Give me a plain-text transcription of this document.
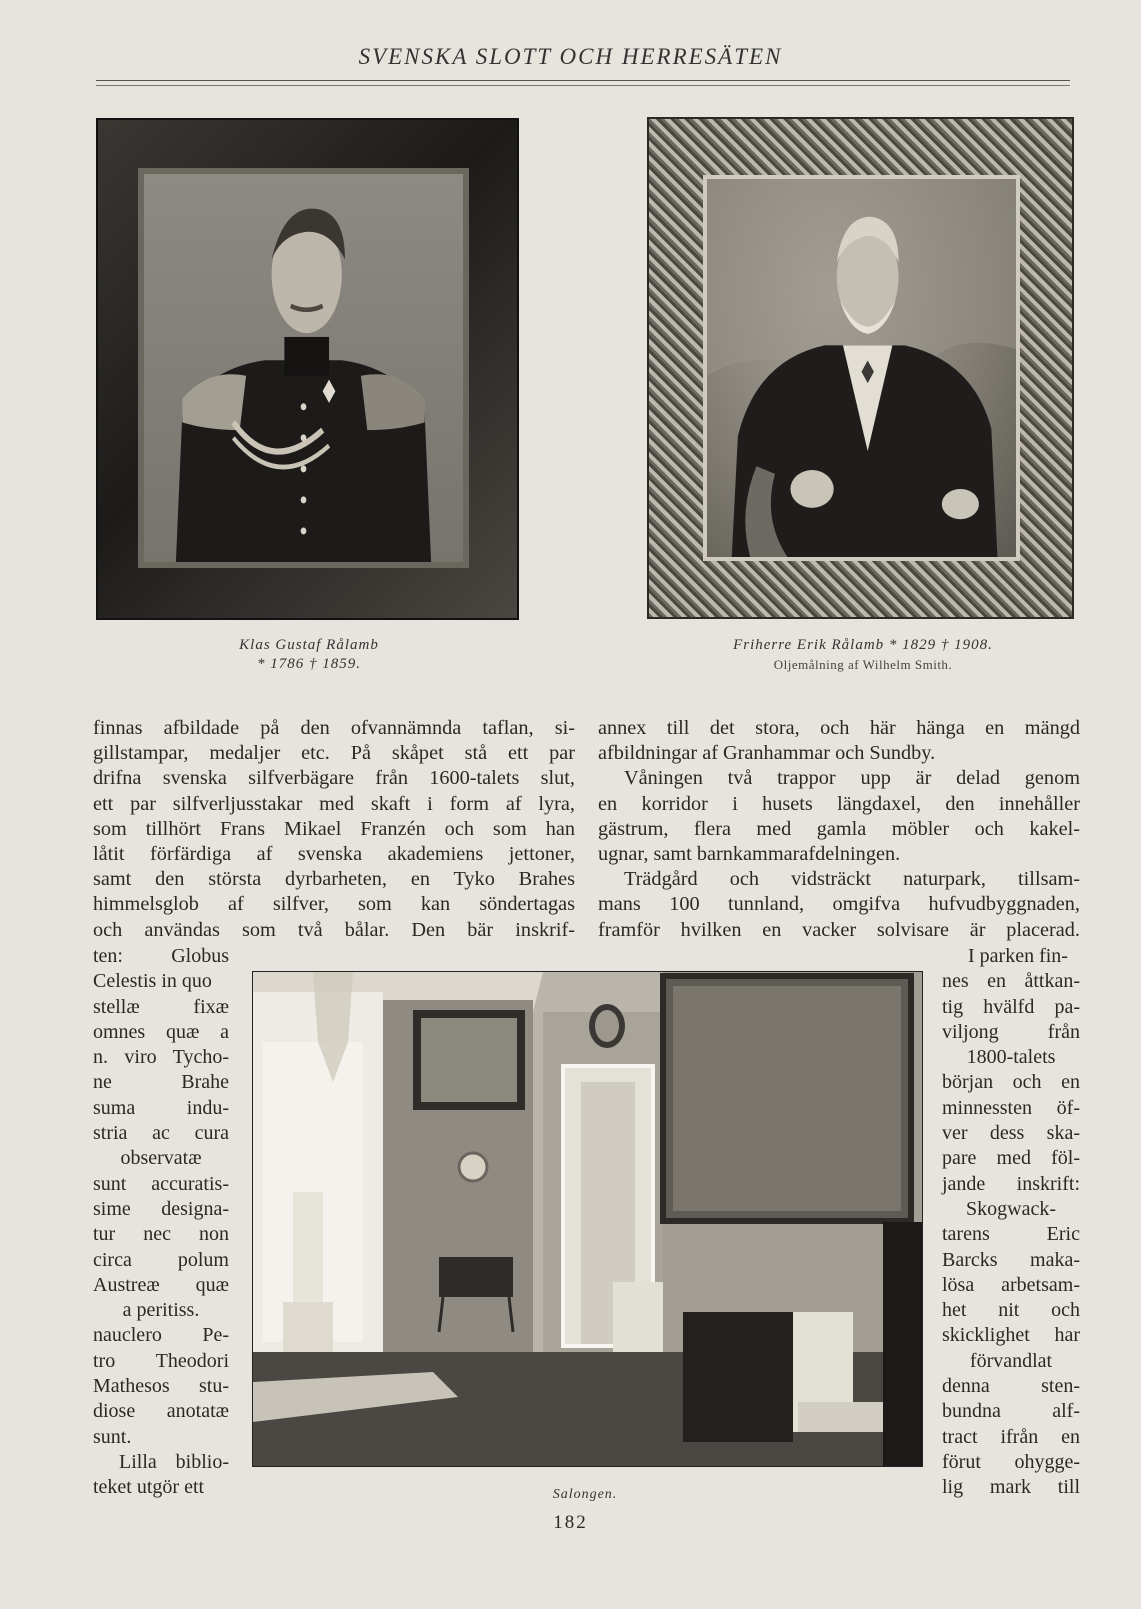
SVENSKA SLOTT OCH HERRESÄTEN
Klas Gustaf Rålamb
* 1786 † 1859.
Friherre Erik Rålamb * 1829 † 1908.
Oljemålning af Wilhelm Smith.
finnas afbildade på den ofvannämnda taflan, si-
gillstampar, medaljer etc. På skåpet stå ett par
drifna svenska silfverbägare från 1600-talets slut,
ett par silfverljusstakar med skaft i form af lyra,
som tillhört Frans Mikael Franzén och som han
låtit förfärdiga af svenska akademiens jettoner,
samt den största dyrbarheten, en Tyko Brahes
himmelsglob af silfver, som kan söndertagas
och användas som två bålar. Den bär inskrif-
annex till det stora, och här hänga en mängd
afbildningar af Granhammar och Sundby.
Våningen två trappor upp är delad genom
en korridor i husets längdaxel, den innehåller
gästrum, flera med gamla möbler och kakel-
ugnar, samt barnkammarafdelningen.
Trädgård och vidsträckt naturpark, tillsam-
mans 100 tunnland, omgifva hufvudbyggnaden,
framför hvilken en vacker solvisare är placerad.
ten: Globus
Celestis in quo
stellæ fixæ
omnes quæ a
n. viro Tycho-
ne Brahe
suma indu-
stria ac cura
observatæ
sunt accuratis-
sime designa-
tur nec non
circa polum
Austreæ quæ
a peritiss.
nauclero Pe-
tro Theodori
Mathesos stu-
diose anotatæ
sunt.
Lilla biblio-
teket utgör ett
I parken fin-
nes en åttkan-
tig hvälfd pa-
viljong från
1800-talets
början och en
minnessten öf-
ver dess ska-
pare med föl-
jande inskrift:
Skogwack-
tarens Eric
Barcks maka-
lösa arbetsam-
het nit och
skicklighet har
förvandlat
denna sten-
bundna alf-
tract ifrån en
förut ohygge-
lig mark till
Salongen.
182
